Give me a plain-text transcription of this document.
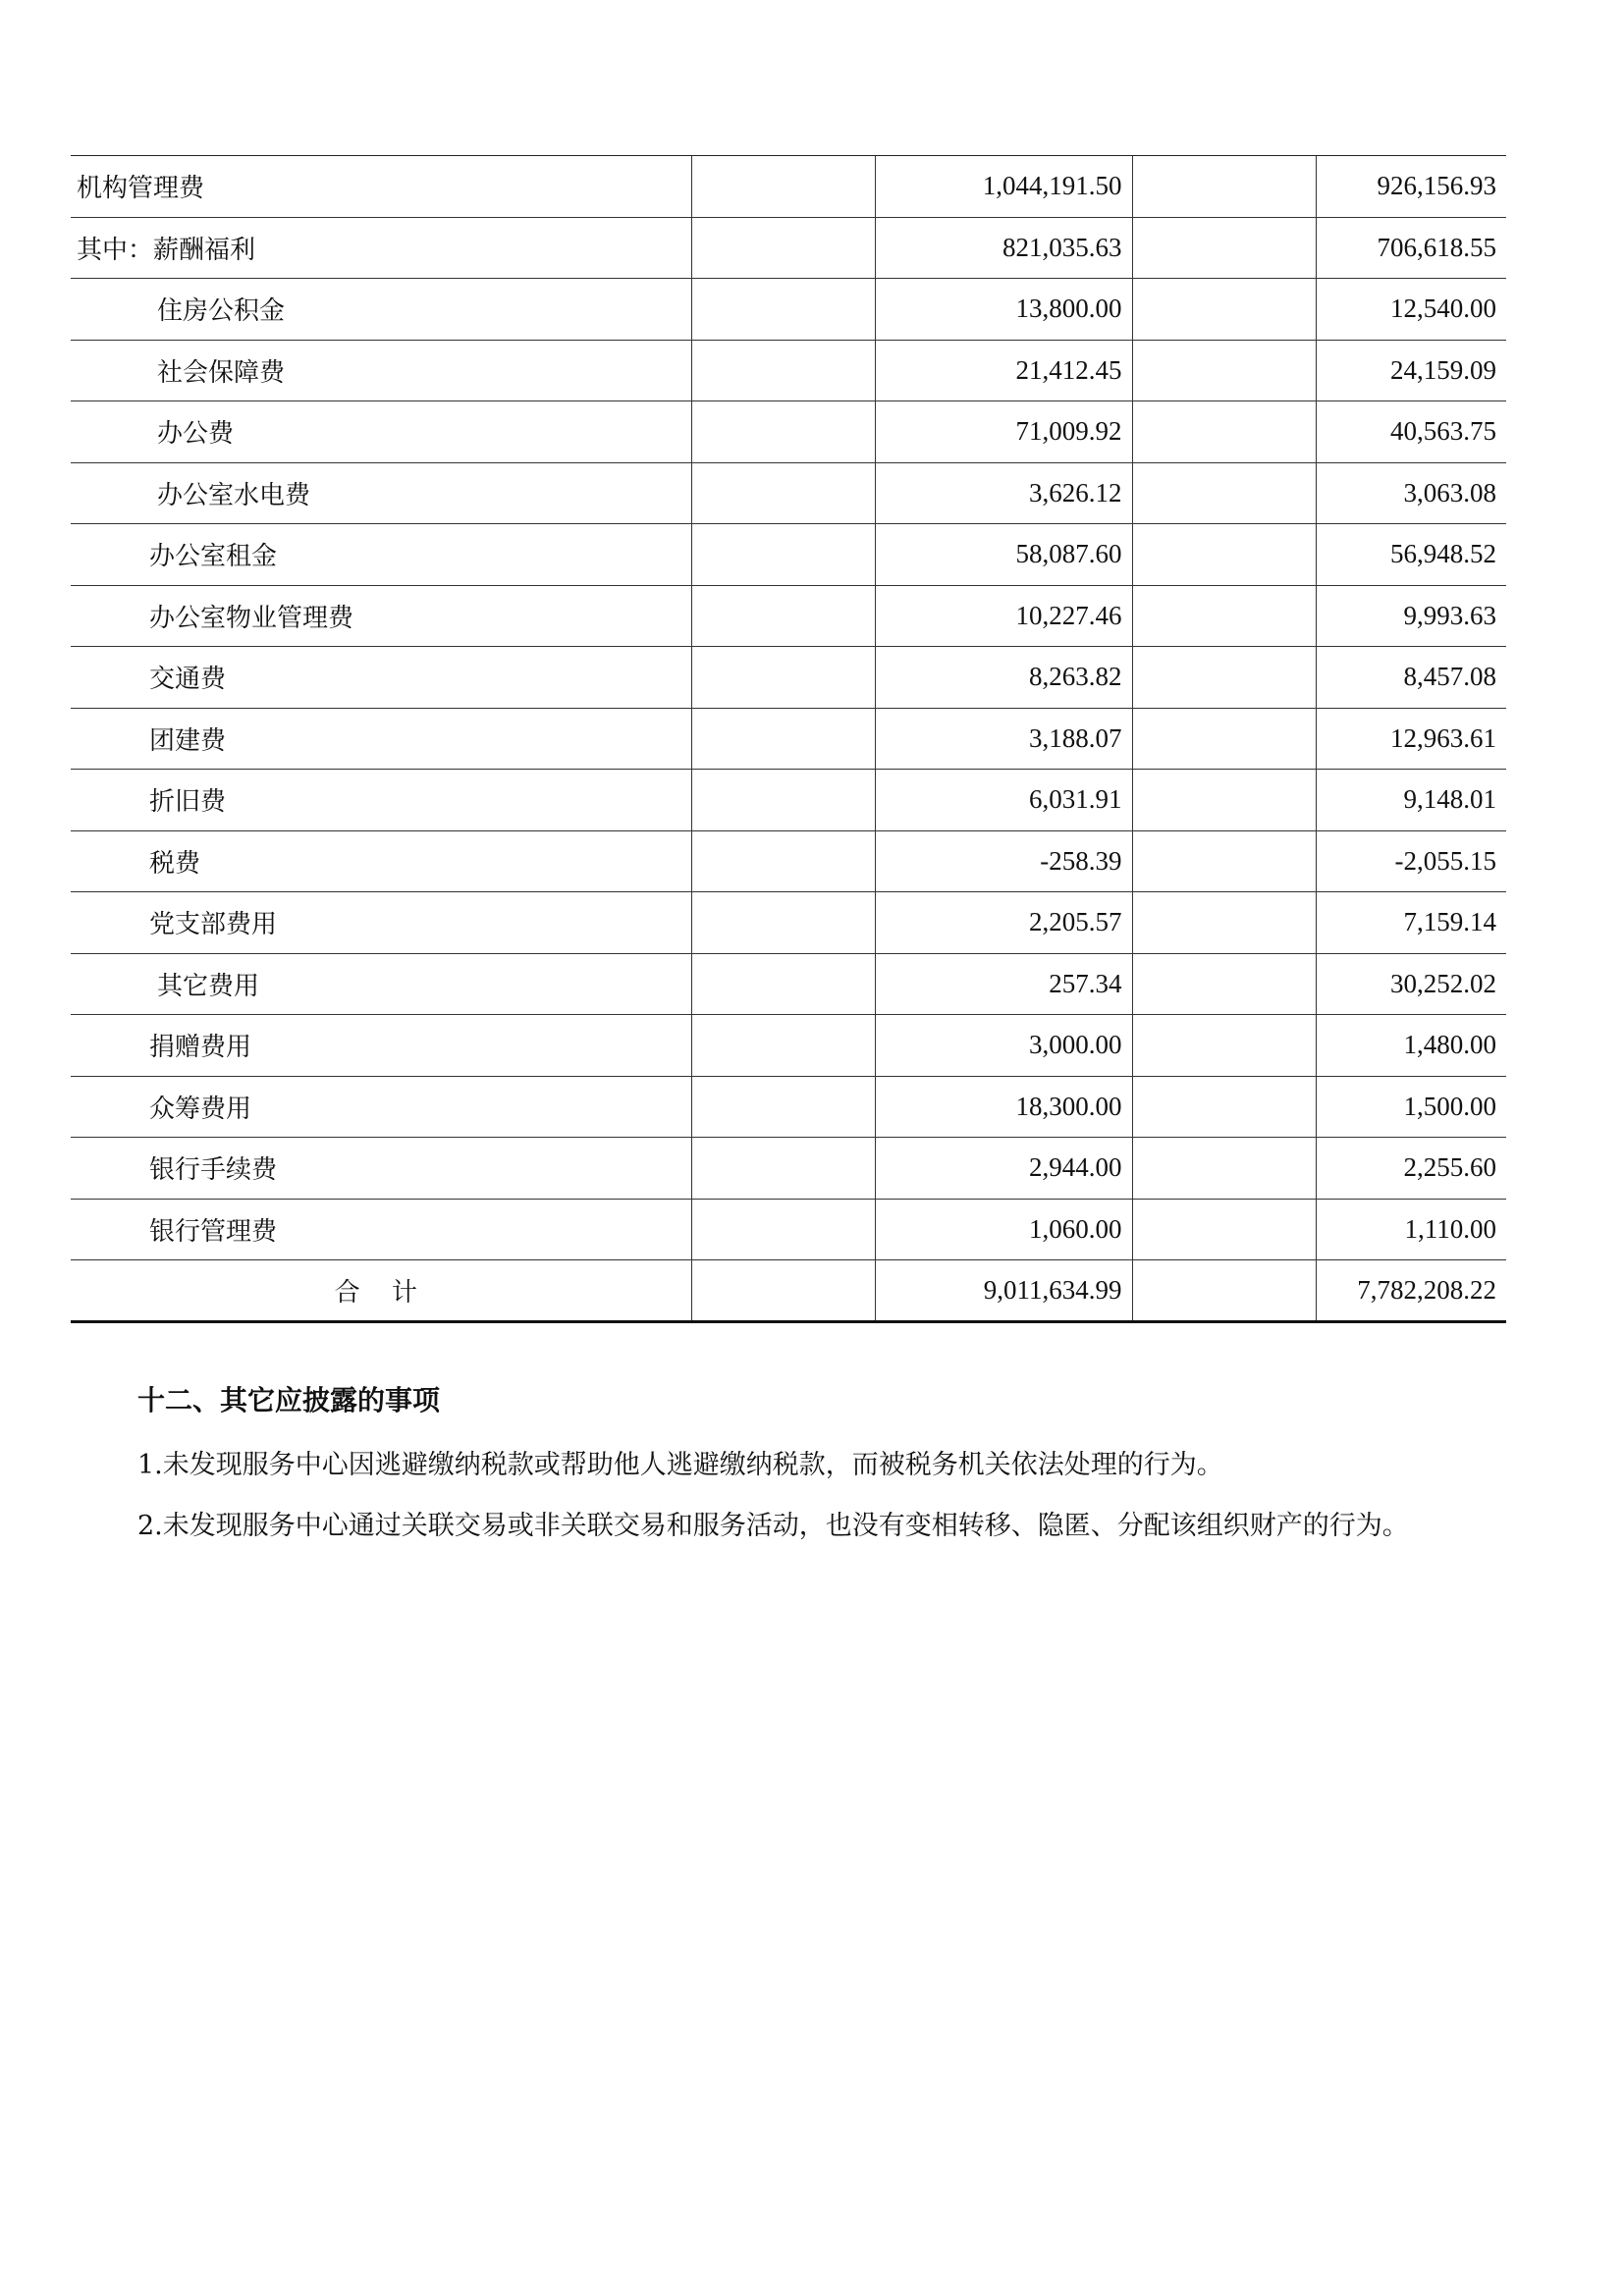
机构管理费		1,044,191.50		926,156.93
其中：薪酬福利		821,035.63		706,618.55
住房公积金		13,800.00		12,540.00
社会保障费		21,412.45		24,159.09
办公费		71,009.92		40,563.75
办公室水电费		3,626.12		3,063.08
办公室租金		58,087.60		56,948.52
办公室物业管理费		10,227.46		9,993.63
交通费		8,263.82		8,457.08
团建费		3,188.07		12,963.61
折旧费		6,031.91		9,148.01
税费		-258.39		-2,055.15
党支部费用		2,205.57		7,159.14
其它费用		257.34		30,252.02
捐赠费用		3,000.00		1,480.00
众筹费用		18,300.00		1,500.00
银行手续费		2,944.00		2,255.60
银行管理费		1,060.00		1,110.00
合 计		9,011,634.99		7,782,208.22
十二、其它应披露的事项

1.未发现服务中心因逃避缴纳税款或帮助他人逃避缴纳税款，而被税务机关依法处理的行为。

2.未发现服务中心通过关联交易或非关联交易和服务活动，也没有变相转移、隐匿、分配该组织财产的行为。
